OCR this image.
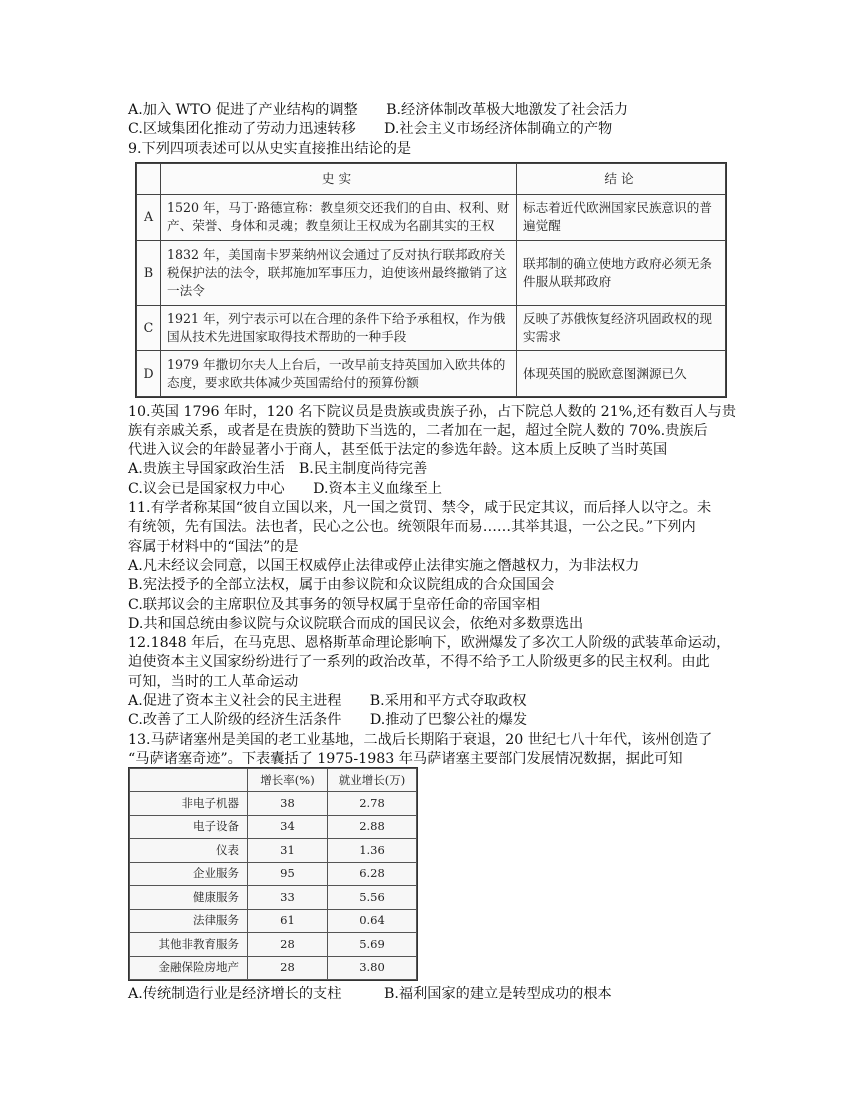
A.加入 WTO 促进了产业结构的调整　　B.经济体制改革极大地激发了社会活力
C.区域集团化推动了劳动力迅速转移　　D.社会主义市场经济体制确立的产物
9.下列四项表述可以从史实直接推出结论的是
	史实	结论
A	1520 年，马丁·路德宣称：教皇须交还我们的自由、权利、财产、荣誉、身体和灵魂；教皇须让王权成为名副其实的王权	标志着近代欧洲国家民族意识的普遍觉醒
B	1832 年，美国南卡罗莱纳州议会通过了反对执行联邦政府关税保护法的法令，联邦施加军事压力，迫使该州最终撤销了这一法令	联邦制的确立使地方政府必须无条件服从联邦政府
C	1921 年，列宁表示可以在合理的条件下给予承租权，作为俄国从技术先进国家取得技术帮助的一种手段	反映了苏俄恢复经济巩固政权的现实需求
D	1979 年撒切尔夫人上台后，一改早前支持英国加入欧共体的态度，要求欧共体减少英国需给付的预算份额	体现英国的脱欧意图渊源已久
10.英国 1796 年时，120 名下院议员是贵族或贵族子孙，占下院总人数的 21%,还有数百人与贵
族有亲戚关系，或者是在贵族的赞助下当选的，二者加在一起，超过全院人数的 70%.贵族后
代进入议会的年龄显著小于商人，甚至低于法定的参选年龄。这本质上反映了当时英国
A.贵族主导国家政治生活　B.民主制度尚待完善
C.议会已是国家权力中心　　D.资本主义血缘至上
11.有学者称某国“彼自立国以来，凡一国之赏罚、禁令，咸于民定其议，而后择人以守之。未
有统领，先有国法。法也者，民心之公也。统领限年而易……其举其退，一公之民。”下列内
容属于材料中的“国法”的是
A.凡未经议会同意，以国王权威停止法律或停止法律实施之僭越权力，为非法权力
B.宪法授予的全部立法权，属于由参议院和众议院组成的合众国国会
C.联邦议会的主席职位及其事务的领导权属于皇帝任命的帝国宰相
D.共和国总统由参议院与众议院联合而成的国民议会，依绝对多数票选出
12.1848 年后，在马克思、恩格斯革命理论影响下，欧洲爆发了多次工人阶级的武装革命运动，
迫使资本主义国家纷纷进行了一系列的政治改革，不得不给予工人阶级更多的民主权利。由此
可知，当时的工人革命运动
A.促进了资本主义社会的民主进程　　B.采用和平方式夺取政权
C.改善了工人阶级的经济生活条件　　D.推动了巴黎公社的爆发
13.马萨诸塞州是美国的老工业基地，二战后长期陷于衰退，20 世纪七八十年代，该州创造了
“马萨诸塞奇迹”。下表囊括了 1975-1983 年马萨诸塞主要部门发展情况数据，据此可知
	增长率(%)	就业增长(万)
非电子机器	38	2.78
电子设备	34	2.88
仪表	31	1.36
企业服务	95	6.28
健康服务	33	5.56
法律服务	61	0.64
其他非教育服务	28	5.69
金融保险房地产	28	3.80
A.传统制造行业是经济增长的支柱　　　B.福利国家的建立是转型成功的根本
